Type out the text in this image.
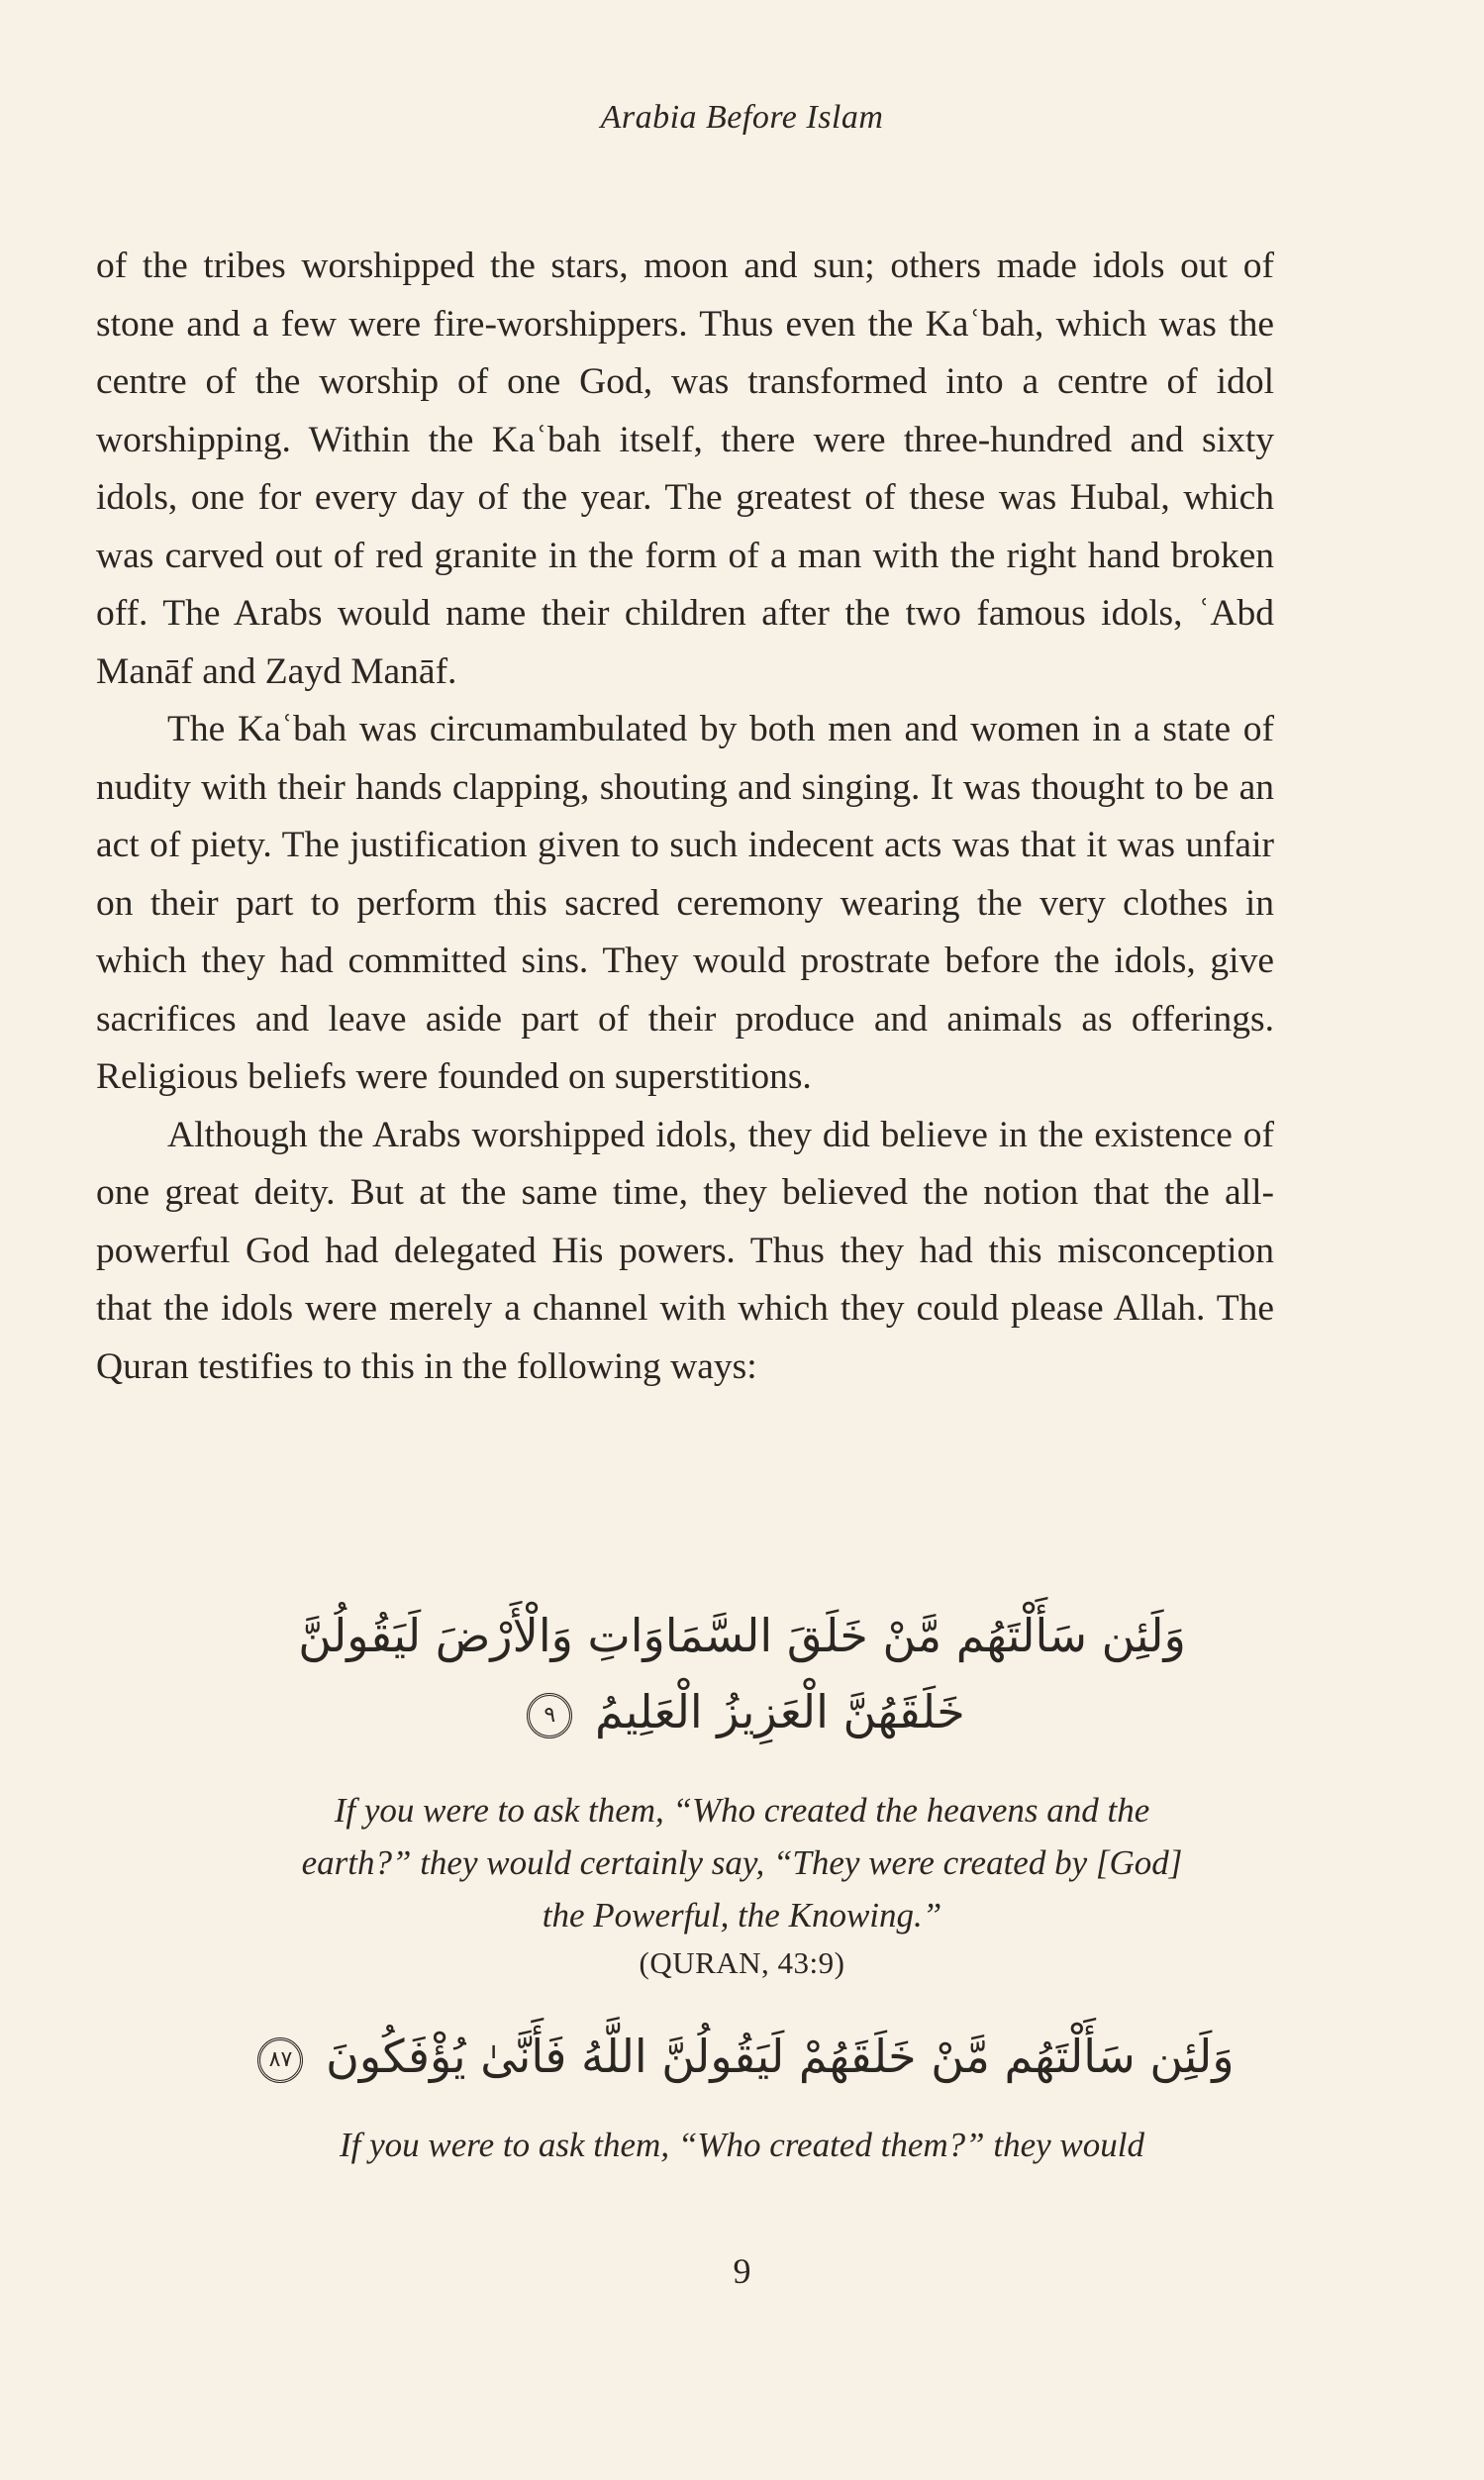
Arabia Before Islam

of the tribes worshipped the stars, moon and sun; others made idols out of stone and a few were fire-worshippers. Thus even the Kaʿbah, which was the centre of the worship of one God, was transformed into a centre of idol worshipping. Within the Kaʿbah itself, there were three-hundred and sixty idols, one for every day of the year. The greatest of these was Hubal, which was carved out of red granite in the form of a man with the right hand broken off. The Arabs would name their children after the two famous idols, ʿAbd Manāf and Zayd Manāf.

The Kaʿbah was circumambulated by both men and women in a state of nudity with their hands clapping, shouting and singing. It was thought to be an act of piety. The justification given to such indecent acts was that it was unfair on their part to perform this sacred ceremony wearing the very clothes in which they had committed sins. They would prostrate before the idols, give sacrifices and leave aside part of their produce and animals as offerings. Religious beliefs were founded on superstitions.

Although the Arabs worshipped idols, they did believe in the existence of one great deity. But at the same time, they believed the notion that the all-powerful God had delegated His powers. Thus they had this misconception that the idols were merely a channel with which they could please Allah. The Quran testifies to this in the following ways:

وَلَئِن سَأَلْتَهُم مَّنْ خَلَقَ السَّمَاوَاتِ وَالْأَرْضَ لَيَقُولُنَّ
خَلَقَهُنَّ الْعَزِيزُ الْعَلِيمُ ٩
If you were to ask them, “Who created the heavens and the
earth?” they would certainly say, “They were created by [God]
the Powerful, the Knowing.”
(QURAN, 43:9)
وَلَئِن سَأَلْتَهُم مَّنْ خَلَقَهُمْ لَيَقُولُنَّ اللَّهُ فَأَنَّىٰ يُؤْفَكُونَ ٨٧
If you were to ask them, “Who created them?” they would
9
